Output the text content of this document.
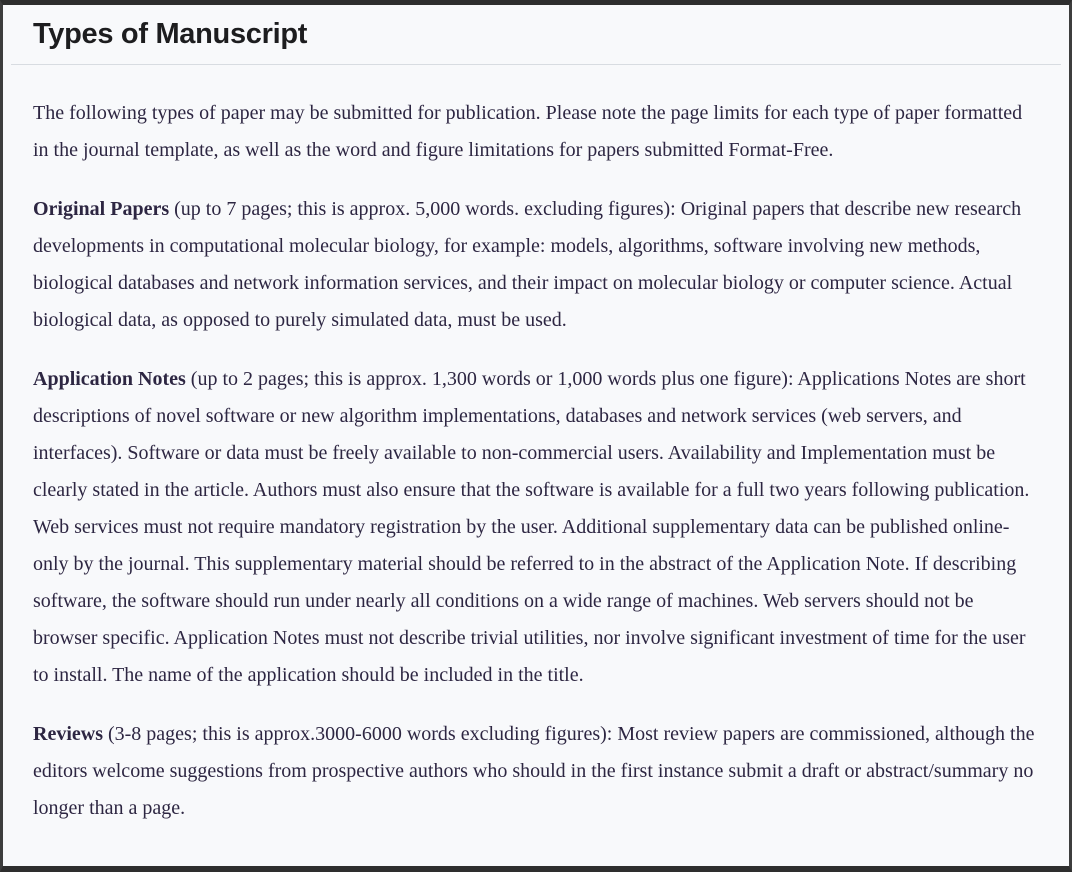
Types of Manuscript

The following types of paper may be submitted for publication. Please note the page limits for each type of paper formatted in the journal template, as well as the word and figure limitations for papers submitted Format-Free.

Original Papers (up to 7 pages; this is approx. 5,000 words. excluding figures): Original papers that describe new research developments in computational molecular biology, for example: models, algorithms, software involving new methods, biological databases and network information services, and their impact on molecular biology or computer science. Actual biological data, as opposed to purely simulated data, must be used.

Application Notes (up to 2 pages; this is approx. 1,300 words or 1,000 words plus one figure): Applications Notes are short descriptions of novel software or new algorithm implementations, databases and network services (web servers, and interfaces). Software or data must be freely available to non-commercial users. Availability and Implementation must be clearly stated in the article. Authors must also ensure that the software is available for a full two years following publication. Web services must not require mandatory registration by the user. Additional supplementary data can be published online-only by the journal. This supplementary material should be referred to in the abstract of the Application Note. If describing software, the software should run under nearly all conditions on a wide range of machines. Web servers should not be browser specific. Application Notes must not describe trivial utilities, nor involve significant investment of time for the user to install. The name of the application should be included in the title.

Reviews (3-8 pages; this is approx.3000-6000 words excluding figures): Most review papers are commissioned, although the editors welcome suggestions from prospective authors who should in the first instance submit a draft or abstract/summary no longer than a page.
